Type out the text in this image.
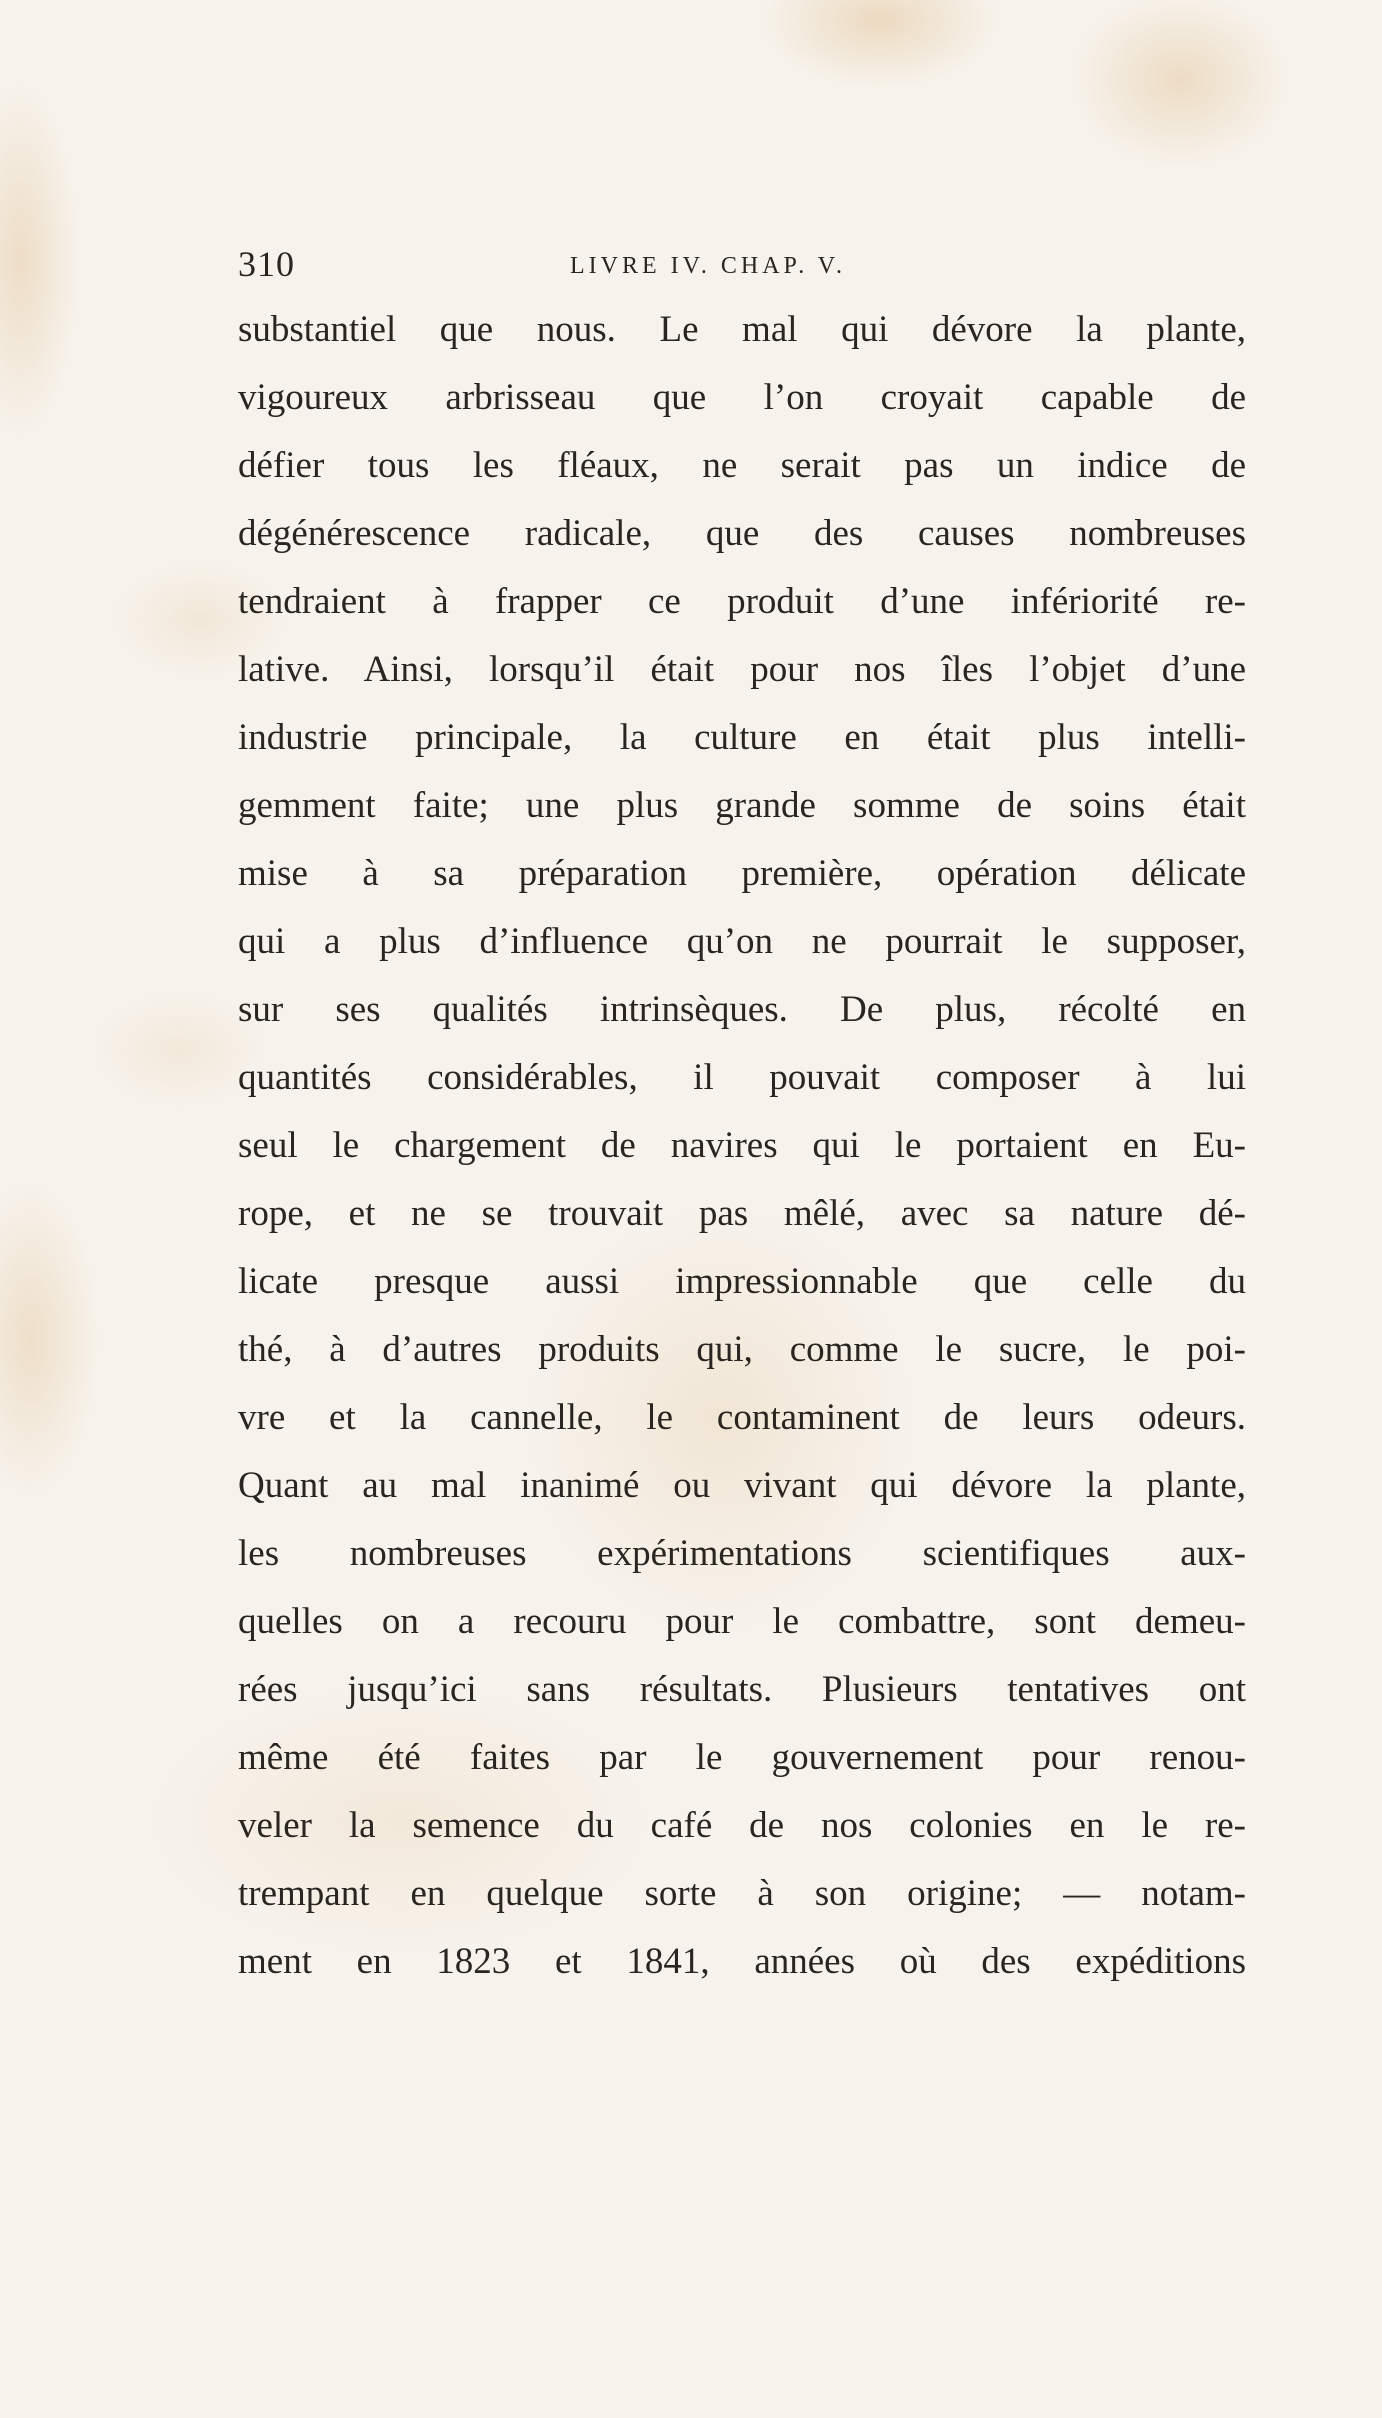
310	LIVRE IV. CHAP. V.
substantiel que nous. Le mal qui dévore la plante,
vigoureux arbrisseau que l’on croyait capable de
défier tous les fléaux, ne serait pas un indice de
dégénérescence radicale, que des causes nombreuses
tendraient à frapper ce produit d’une infériorité re-
lative. Ainsi, lorsqu’il était pour nos îles l’objet d’une
industrie principale, la culture en était plus intelli-
gemment faite; une plus grande somme de soins était
mise à sa préparation première, opération délicate
qui a plus d’influence qu’on ne pourrait le supposer,
sur ses qualités intrinsèques. De plus, récolté en
quantités considérables, il pouvait composer à lui
seul le chargement de navires qui le portaient en Eu-
rope, et ne se trouvait pas mêlé, avec sa nature dé-
licate presque aussi impressionnable que celle du
thé, à d’autres produits qui, comme le sucre, le poi-
vre et la cannelle, le contaminent de leurs odeurs.
Quant au mal inanimé ou vivant qui dévore la plante,
les nombreuses expérimentations scientifiques aux-
quelles on a recouru pour le combattre, sont demeu-
rées jusqu’ici sans résultats. Plusieurs tentatives ont
même été faites par le gouvernement pour renou-
veler la semence du café de nos colonies en le re-
trempant en quelque sorte à son origine; — notam-
ment en 1823 et 1841, années où des expéditions
